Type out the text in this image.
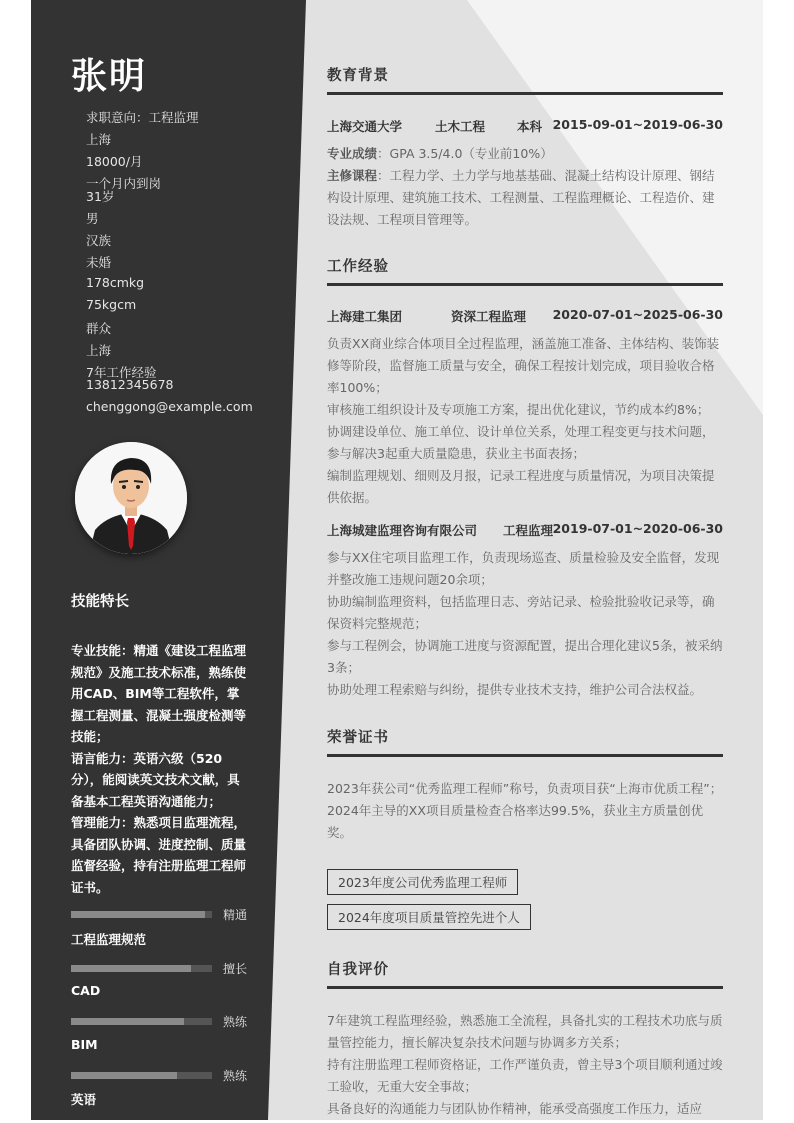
张明
求职意向：工程监理
上海
18000/月
一个月内到岗
31岁
男
汉族
未婚
178cmkg
75kgcm
群众
上海
7年工作经验
13812345678
chenggong@example.com
技能特长

专业技能：精通《建设工程监理规范》及施工技术标准，熟练使用CAD、BIM等工程软件，掌握工程测量、混凝土强度检测等技能；

语言能力：英语六级（520分），能阅读英文技术文献，具备基本工程英语沟通能力；

管理能力：熟悉项目监理流程，具备团队协调、进度控制、质量监督经验，持有注册监理工程师证书。

精通
工程监理规范
擅长
CAD
熟练
BIM
熟练
英语
教育背景
上海交通大学	土木工程	本科 2015-09-01~2019-06-30

专业成绩：GPA 3.5/4.0（专业前10%）

主修课程：工程力学、土力学与地基基础、混凝土结构设计原理、钢结构设计原理、建筑施工技术、工程测量、工程监理概论、工程造价、建设法规、工程项目管理等。

工作经验
上海建工集团	资深工程监理 2020-07-01~2025-06-30

负责XX商业综合体项目全过程监理，涵盖施工准备、主体结构、装饰装修等阶段，监督施工质量与安全，确保工程按计划完成，项目验收合格率100%；

审核施工组织设计及专项施工方案，提出优化建议，节约成本约8%；

协调建设单位、施工单位、设计单位关系，处理工程变更与技术问题，参与解决3起重大质量隐患，获业主书面表扬；

编制监理规划、细则及月报，记录工程进度与质量情况，为项目决策提供依据。

上海城建监理咨询有限公司 工程监理 2019-07-01~2020-06-30

参与XX住宅项目监理工作，负责现场巡查、质量检验及安全监督，发现并整改施工违规问题20余项；

协助编制监理资料，包括监理日志、旁站记录、检验批验收记录等，确保资料完整规范；

参与工程例会，协调施工进度与资源配置，提出合理化建议5条，被采纳3条；

协助处理工程索赔与纠纷，提供专业技术支持，维护公司合法权益。

荣誉证书

2023年获公司“优秀监理工程师”称号，负责项目获“上海市优质工程”；

2024年主导的XX项目质量检查合格率达99.5%，获业主方质量创优奖。

2023年度公司优秀监理工程师
2024年度项目质量管控先进个人
自我评价

7年建筑工程监理经验，熟悉施工全流程，具备扎实的工程技术功底与质量管控能力，擅长解决复杂技术问题与协调多方关系；

持有注册监理工程师资格证，工作严谨负责，曾主导3个项目顺利通过竣工验收，无重大安全事故；

具备良好的沟通能力与团队协作精神，能承受高强度工作压力，适应
